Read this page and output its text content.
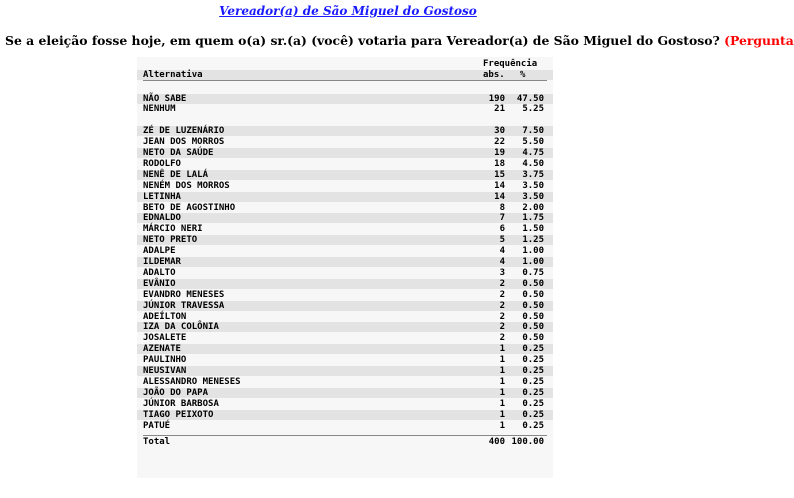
Vereador(a) de São Miguel do Gostoso
Se a eleição fosse hoje, em quem o(a) sr.(a) (você) votaria para Vereador(a) de São Miguel do Gostoso? (Pergunta
Frequência
Alternativa	abs. %
NÃO SABE	190	47.50
NENHUM	21	5.25
ZÉ DE LUZENÁRIO	30	7.50
JEAN DOS MORROS	22	5.50
NETO DA SAÚDE	19	4.75
RODOLFO	18	4.50
NENÊ DE LALÁ	15	3.75
NENÉM DOS MORROS	14	3.50
LETINHA	14	3.50
BETO DE AGOSTINHO	8	2.00
EDNALDO	7	1.75
MÁRCIO NERI	6	1.50
NETO PRETO	5	1.25
ADALPE	4	1.00
ILDEMAR	4	1.00
ADALTO	3	0.75
EVÂNIO	2	0.50
EVANDRO MENESES	2	0.50
JÚNIOR TRAVESSA	2	0.50
ADEÍLTON	2	0.50
IZA DA COLÔNIA	2	0.50
JOSALETE	2	0.50
AZENATE	1	0.25
PAULINHO	1	0.25
NEUSIVAN	1	0.25
ALESSANDRO MENESES	1	0.25
JOÃO DO PAPA	1	0.25
JÚNIOR BARBOSA	1	0.25
TIAGO PEIXOTO	1	0.25
PATUÉ	1	0.25
Total	400 100.00
